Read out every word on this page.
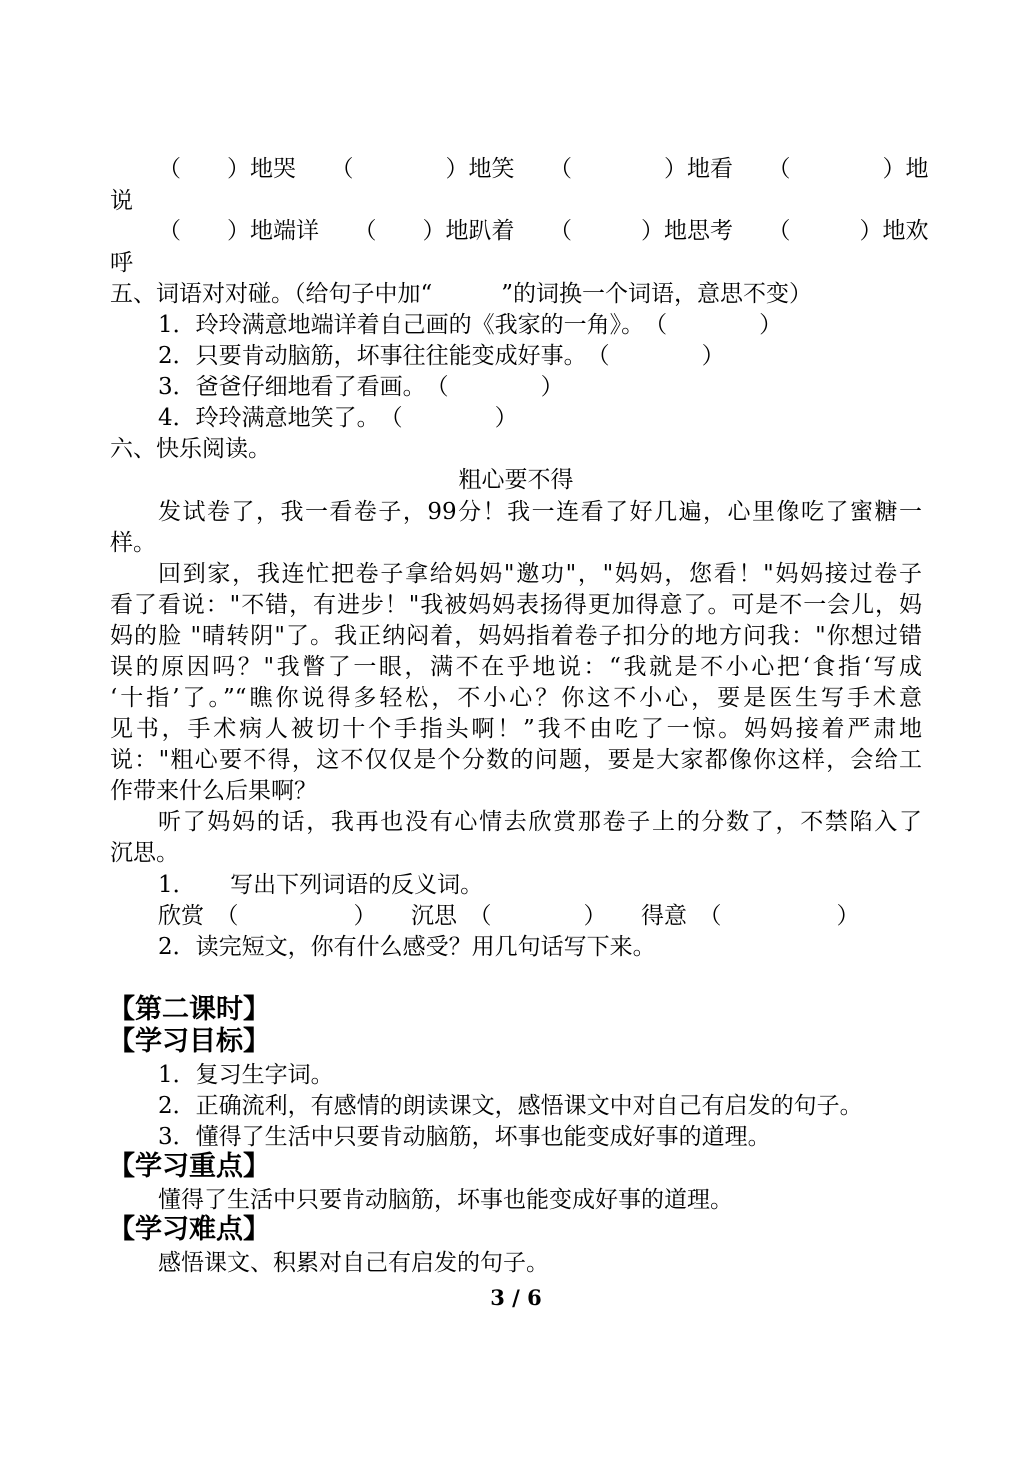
（　　）地哭　　（　　　　）地笑　　（　　　　）地看　　（　　　　）地
说
（　　）地端详　　（　　）地趴着　　（　　　）地思考　　（　　　）地欢
呼
五、词语对对碰。（给句子中加“　　　”的词换一个词语，意思不变）
1．玲玲满意地端详着自己画的《我家的一角》。　（　　　　）
2．只要肯动脑筋，坏事往往能变成好事。　（　　　　）
3．爸爸仔细地看了看画。　（　　　　）
4．玲玲满意地笑了。　（　　　　）
六、快乐阅读。
粗心要不得
发试卷了，我一看卷子，99分！我一连看了好几遍，心里像吃了蜜糖一
样。
回到家，我连忙把卷子拿给妈妈"邀功"，"妈妈，您看！"妈妈接过卷子
看了看说："不错，有进步！"我被妈妈表扬得更加得意了。可是不一会儿，妈
妈的脸 "晴转阴"了。我正纳闷着，妈妈指着卷子扣分的地方问我："你想过错
误的原因吗？"我瞥了一眼，满不在乎地说：“我就是不小心把‘食指‘写成
‘十指’了。”“瞧你说得多轻松，不小心？你这不小心，要是医生写手术意
见书，手术病人被切十个手指头啊！”我不由吃了一惊。妈妈接着严肃地
说："粗心要不得，这不仅仅是个分数的问题，要是大家都像你这样，会给工
作带来什么后果啊？
听了妈妈的话，我再也没有心情去欣赏那卷子上的分数了，不禁陷入了
沉思。
1．　　写出下列词语的反义词。
欣赏　（　　　　　）　　沉思　（　　　　）　　得意　（　　　　　）
2．读完短文，你有什么感受？用几句话写下来。
【第二课时】
【学习目标】
1．复习生字词。
2．正确流利，有感情的朗读课文，感悟课文中对自己有启发的句子。
3．懂得了生活中只要肯动脑筋，坏事也能变成好事的道理。
【学习重点】
懂得了生活中只要肯动脑筋，坏事也能变成好事的道理。
【学习难点】
感悟课文、积累对自己有启发的句子。
3 / 6
